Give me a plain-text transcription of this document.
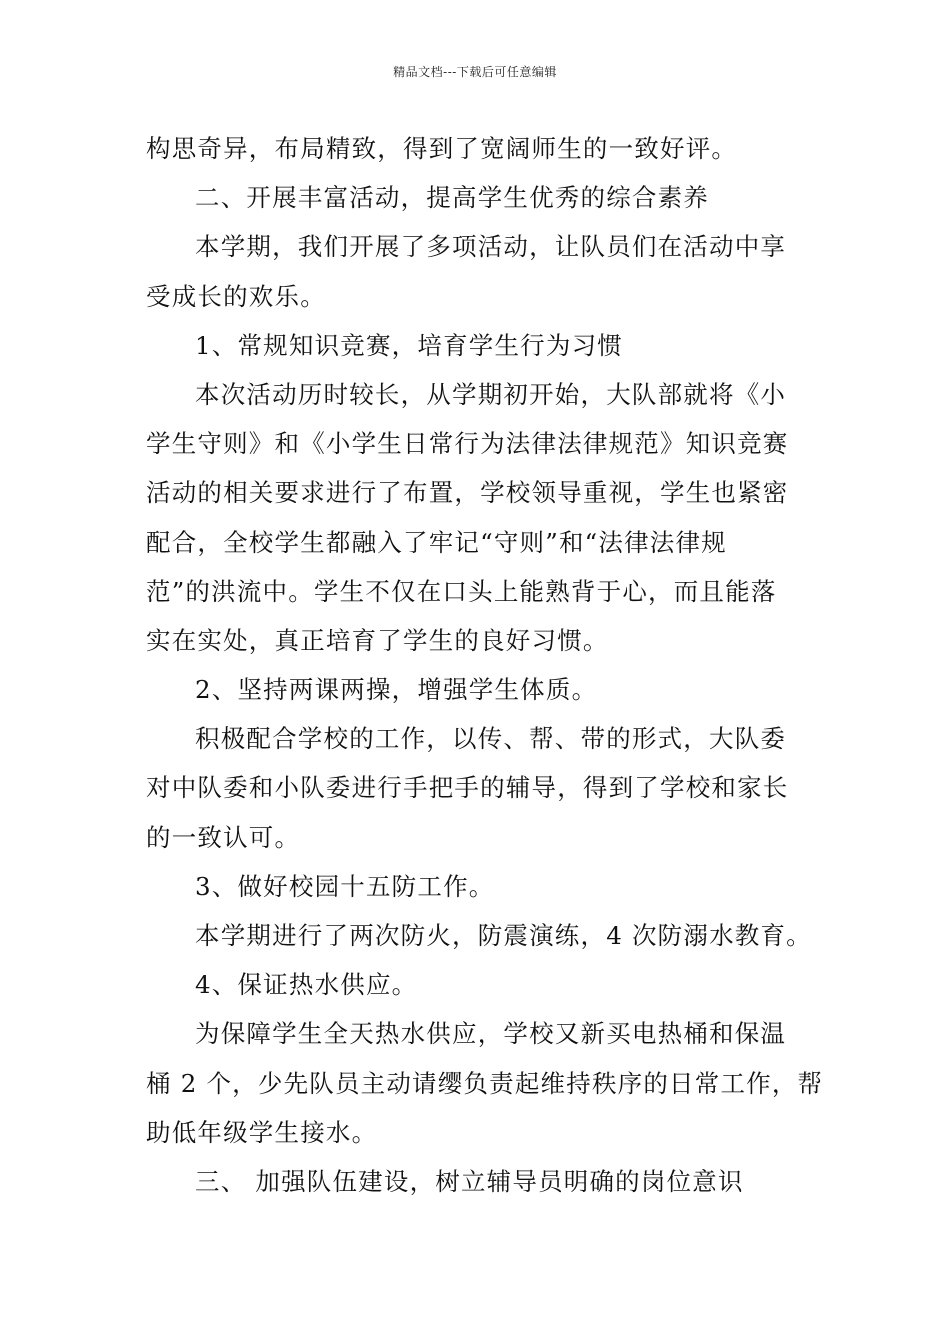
精品文档---下载后可任意编辑
构思奇异，布局精致，得到了宽阔师生的一致好评。
二、开展丰富活动，提高学生优秀的综合素养
本学期，我们开展了多项活动，让队员们在活动中享
受成长的欢乐。
1、常规知识竞赛，培育学生行为习惯
本次活动历时较长，从学期初开始，大队部就将《小
学生守则》和《小学生日常行为法律法律规范》知识竞赛
活动的相关要求进行了布置，学校领导重视，学生也紧密
配合，全校学生都融入了牢记“守则”和“法律法律规
范”的洪流中。学生不仅在口头上能熟背于心，而且能落
实在实处，真正培育了学生的良好习惯。
2、坚持两课两操，增强学生体质。
积极配合学校的工作，以传、帮、带的形式，大队委
对中队委和小队委进行手把手的辅导，得到了学校和家长
的一致认可。
3、做好校园十五防工作。
本学期进行了两次防火，防震演练，4 次防溺水教育。
4、保证热水供应。
为保障学生全天热水供应，学校又新买电热桶和保温
桶 2 个，少先队员主动请缨负责起维持秩序的日常工作，帮
助低年级学生接水。
三、 加强队伍建设，树立辅导员明确的岗位意识
